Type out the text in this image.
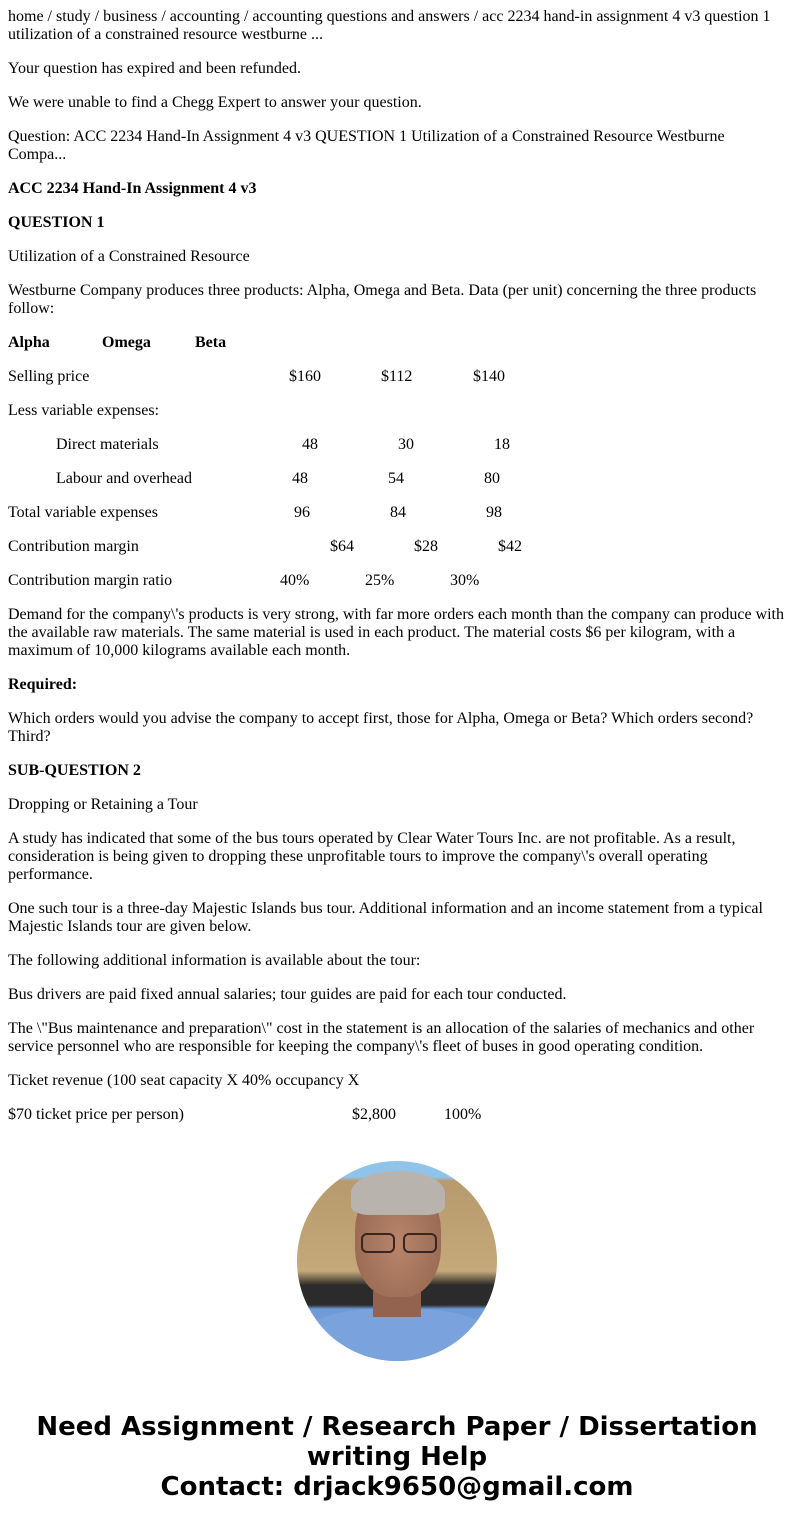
home / study / business / accounting / accounting questions and answers / acc 2234 hand-in assignment 4 v3 question 1 utilization of a constrained resource westburne ...

Your question has expired and been refunded.

We were unable to find a Chegg Expert to answer your question.

Question: ACC 2234 Hand-In Assignment 4 v3 QUESTION 1 Utilization of a Constrained Resource Westburne Compa...

ACC 2234 Hand-In Assignment 4 v3

QUESTION 1

Utilization of a Constrained Resource

Westburne Company produces three products: Alpha, Omega and Beta. Data (per unit) concerning the three products follow:

Alpha	Omega	Beta
Selling price	$160	$112	$140
Less variable expenses:
Direct materials	48	30	18
Labour and overhead	48	54	80
Total variable expenses	96	84	98
Contribution margin	$64	$28	$42
Contribution margin ratio	40%	25%	30%

Demand for the company\'s products is very strong, with far more orders each month than the company can produce with the available raw materials. The same material is used in each product. The material costs $6 per kilogram, with a maximum of 10,000 kilograms available each month.

Required:

Which orders would you advise the company to accept first, those for Alpha, Omega or Beta? Which orders second? Third?

SUB-QUESTION 2

Dropping or Retaining a Tour

A study has indicated that some of the bus tours operated by Clear Water Tours Inc. are not profitable. As a result, consideration is being given to dropping these unprofitable tours to improve the company\'s overall operating performance.

One such tour is a three-day Majestic Islands bus tour. Additional information and an income statement from a typical Majestic Islands tour are given below.

The following additional information is available about the tour:

Bus drivers are paid fixed annual salaries; tour guides are paid for each tour conducted.

The \"Bus maintenance and preparation\" cost in the statement is an allocation of the salaries of mechanics and other service personnel who are responsible for keeping the company\'s fleet of buses in good operating condition.

Ticket revenue (100 seat capacity X 40% occupancy X

$70 ticket price per person)	$2,800	100%
Need Assignment / Research Paper / Dissertation
writing Help
Contact: drjack9650@gmail.com
